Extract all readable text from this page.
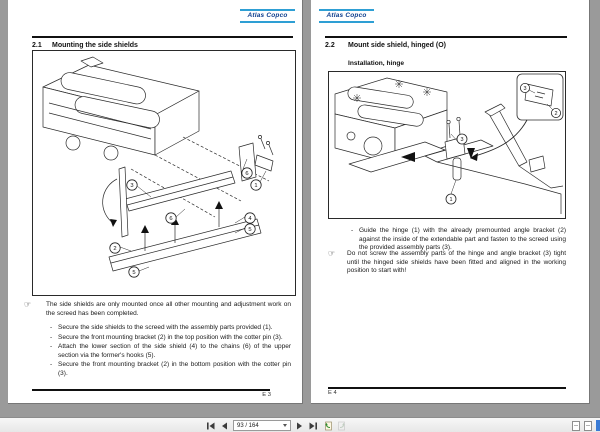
Atlas Copco
2.1	Mounting the side shields
3
6
1
6	4
5
2
5
☞	The side shields are only mounted once all other mounting and adjustment work on the screed has been completed.

- Secure the side shields to the screed with the assembly parts provided (1).

- Secure the front mounting bracket (2) in the top position with the cotter pin (3).

- Attach the lower section of the side shield (4) to the chains (6) of the upper section via the former's hooks (5).

- Secure the front mounting bracket (2) in the bottom position with the cotter pin (3).

E 3
Atlas Copco
2.2	Mount side shield, hinged (O)
Installation, hinge
3
2
3
1
- Guide the hinge (1) with the already premounted angle bracket (2) against the inside of the extendable part and fasten to the screed using the provided assembly parts (3).

☞	Do not screw the assembly parts of the hinge and angle bracket (3) tight until the hinged side shields have been fitted and aligned in the working position to start with!

E 4
93 / 164
